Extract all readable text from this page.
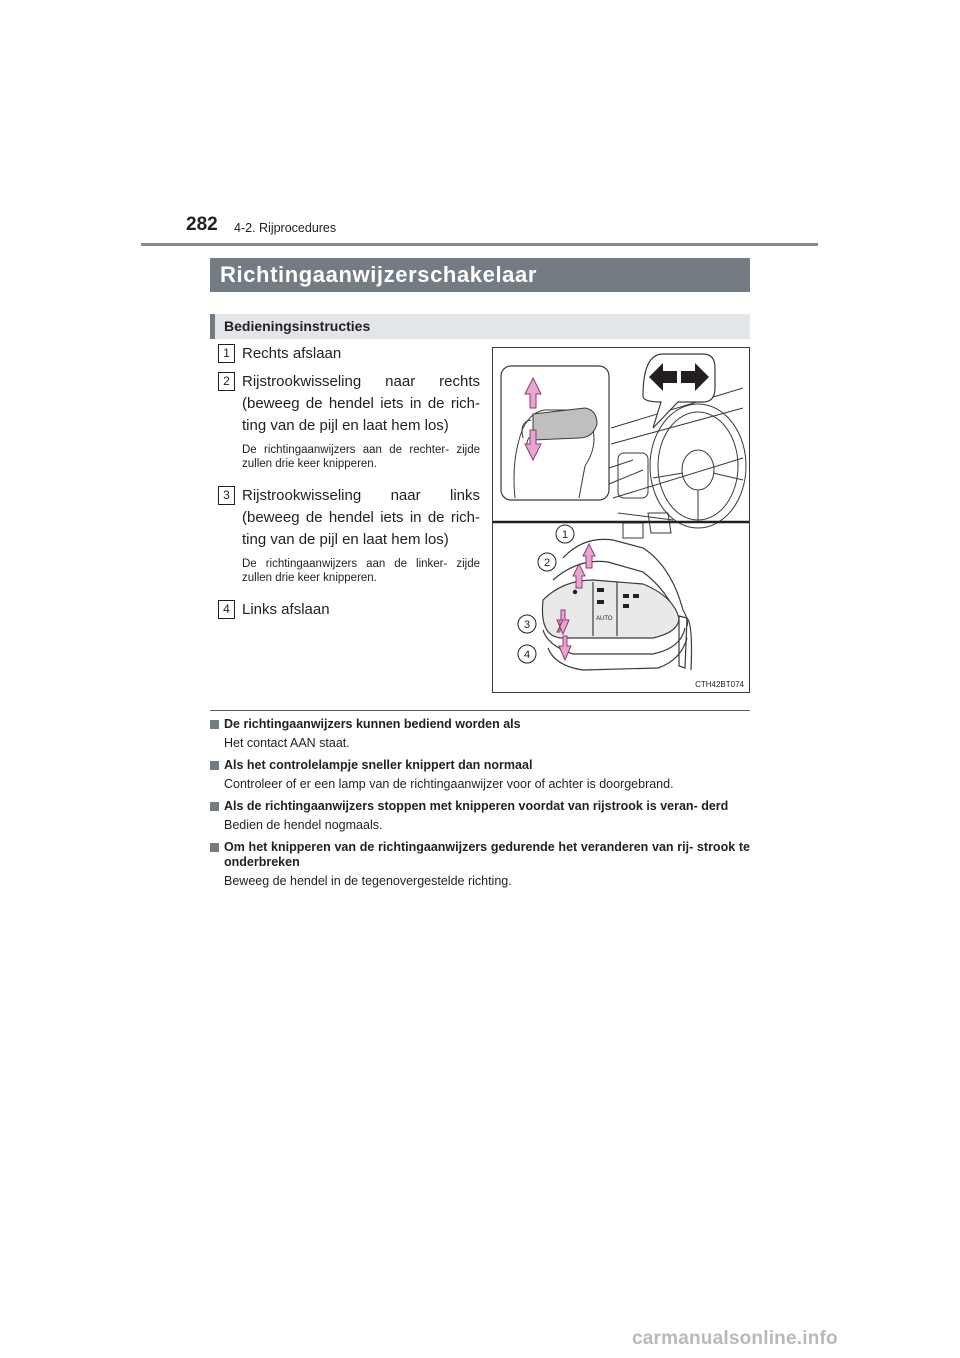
282 4-2. Rijprocedures
Richtingaanwijzerschakelaar
Bedieningsinstructies
1 Rechts afslaan
2 Rijstrookwisseling naar rechts (beweeg de hendel iets in de rich- ting van de pijl en laat hem los)
De richtingaanwijzers aan de rechter- zijde zullen drie keer knipperen.
3 Rijstrookwisseling naar links (beweeg de hendel iets in de rich- ting van de pijl en laat hem los)
De richtingaanwijzers aan de linker- zijde zullen drie keer knipperen.
4 Links afslaan
AUTO
1
2
3
4
CTH42BT074
De richtingaanwijzers kunnen bediend worden als
Het contact AAN staat.
Als het controlelampje sneller knippert dan normaal
Controleer of er een lamp van de richtingaanwijzer voor of achter is doorgebrand.
Als de richtingaanwijzers stoppen met knipperen voordat van rijstrook is veran- derd
Bedien de hendel nogmaals.
Om het knipperen van de richtingaanwijzers gedurende het veranderen van rij- strook te onderbreken
Beweeg de hendel in de tegenovergestelde richting.
carmanualsonline.info
